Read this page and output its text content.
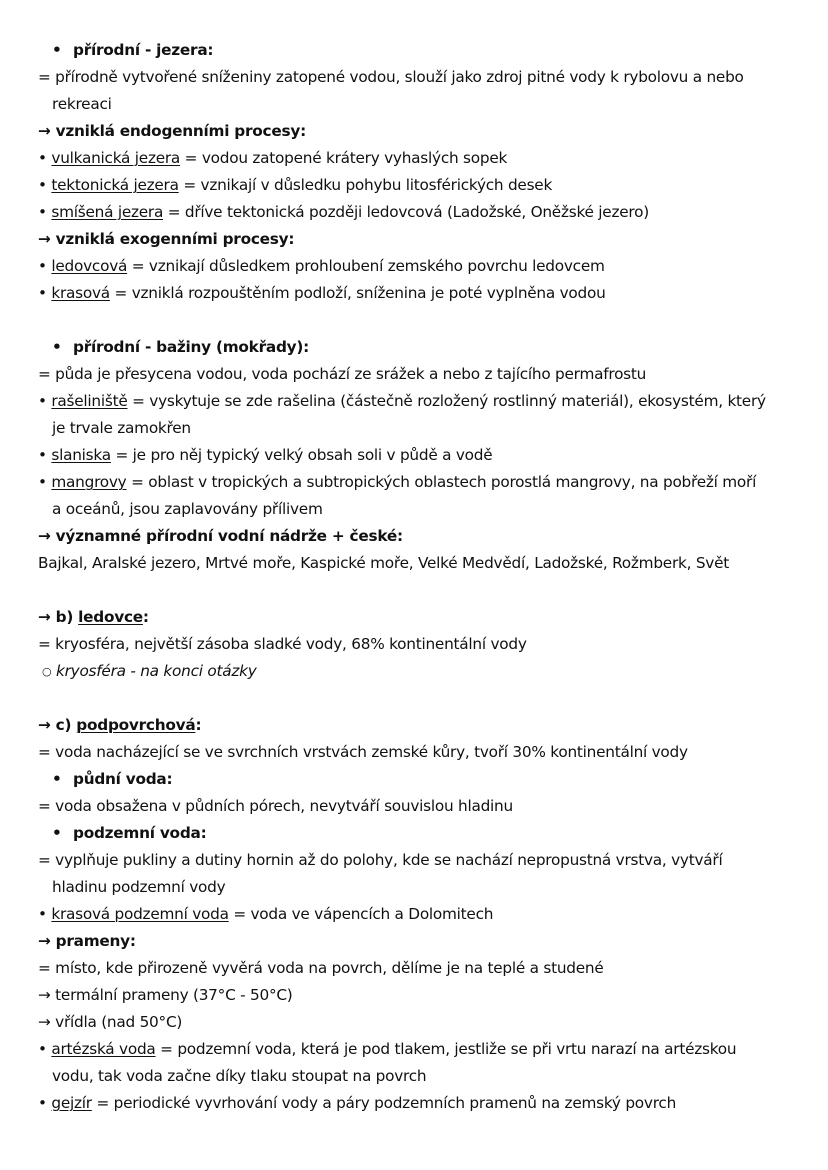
• přírodní - jezera:
= přírodně vytvořené sníženiny zatopené vodou, slouží jako zdroj pitné vody k rybolovu a nebo
rekreaci
→ vzniklá endogenními procesy:
• vulkanická jezera = vodou zatopené krátery vyhaslých sopek
• tektonická jezera = vznikají v důsledku pohybu litosférických desek
• smíšená jezera = dříve tektonická později ledovcová (Ladožské, Oněžské jezero)
→ vzniklá exogenními procesy:
• ledovcová = vznikají důsledkem prohloubení zemského povrchu ledovcem
• krasová = vzniklá rozpouštěním podloží, sníženina je poté vyplněna vodou
• přírodní - bažiny (mokřady):
= půda je přesycena vodou, voda pochází ze srážek a nebo z tajícího permafrostu
• rašeliniště = vyskytuje se zde rašelina (částečně rozložený rostlinný materiál), ekosystém, který
je trvale zamokřen
• slaniska = je pro něj typický velký obsah soli v půdě a vodě
• mangrovy = oblast v tropických a subtropických oblastech porostlá mangrovy, na pobřeží moří
a oceánů, jsou zaplavovány přílivem
→ významné přírodní vodní nádrže + české:
Bajkal, Aralské jezero, Mrtvé moře, Kaspické moře, Velké Medvědí, Ladožské, Rožmberk, Svět
→ b) ledovce:
= kryosféra, největší zásoba sladké vody, 68% kontinentální vody
○ kryosféra - na konci otázky
→ c) podpovrchová:
= voda nacházející se ve svrchních vrstvách zemské kůry, tvoří 30% kontinentální vody
• půdní voda:
= voda obsažena v půdních pórech, nevytváří souvislou hladinu
• podzemní voda:
= vyplňuje pukliny a dutiny hornin až do polohy, kde se nachází nepropustná vrstva, vytváří
hladinu podzemní vody
• krasová podzemní voda = voda ve vápencích a Dolomitech
→ prameny:
= místo, kde přirozeně vyvěrá voda na povrch, dělíme je na teplé a studené
→ termální prameny (37°C - 50°C)
→ vřídla (nad 50°C)
• artézská voda = podzemní voda, která je pod tlakem, jestliže se při vrtu narazí na artézskou
vodu, tak voda začne díky tlaku stoupat na povrch
• gejzír = periodické vyvrhování vody a páry podzemních pramenů na zemský povrch
